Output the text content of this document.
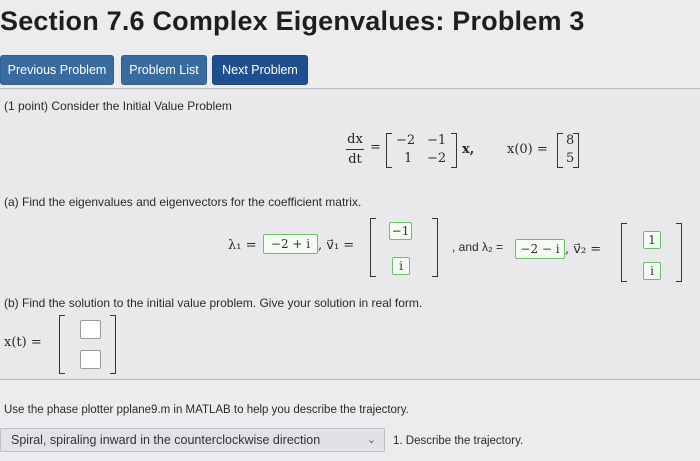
Section 7.6 Complex Eigenvalues: Problem 3
Previous Problem	Problem List	Next Problem
(1 point) Consider the Initial Value Problem
dx
dt
= −2 −1
1 −2
x,	x(0) =
8
5
(a) Find the eigenvalues and eigenvectors for the coefficient matrix.
λ₁ =	−2 + i , v⃗₁ =
−1
i
, and λ₂ =	−2 − i , v⃗₂ =
1
i
(b) Find the solution to the initial value problem. Give your solution in real form.
x(t) =
Use the phase plotter pplane9.m in MATLAB to help you describe the trajectory.
Spiral, spiraling inward in the counterclockwise direction	⌄ 1. Describe the trajectory.
